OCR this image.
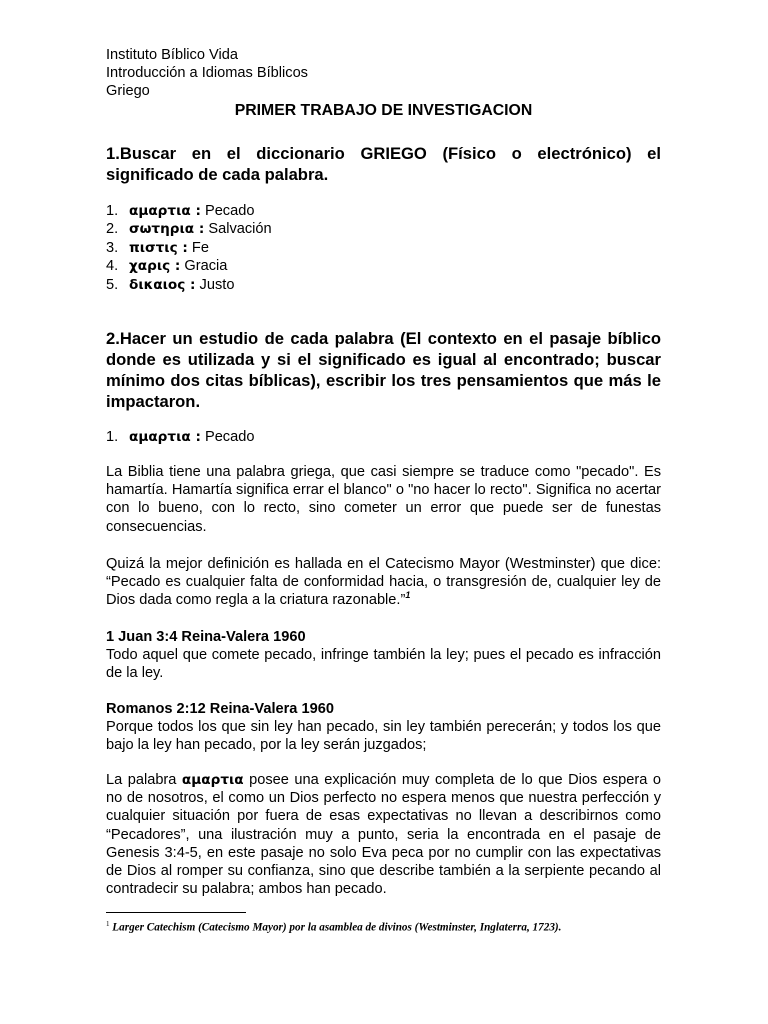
Instituto Bíblico Vida

Introducción a Idiomas Bíblicos

Griego

PRIMER TRABAJO DE INVESTIGACION
1.Buscar en el diccionario GRIEGO (Físico o electrónico) el significado de cada palabra.
1. αμαρτια : Pecado
2. σωτηρια : Salvación
3. πιστις : Fe
4. χαρις : Gracia
5. δικαιος : Justo
2.Hacer un estudio de cada palabra (El contexto en el pasaje bíblico donde es utilizada y si el significado es igual al encontrado; buscar mínimo dos citas bíblicas), escribir los tres pensamientos que más le impactaron.
1. αμαρτια : Pecado

La Biblia tiene una palabra griega, que casi siempre se traduce como "pecado". Es hamartía. Hamartía significa errar el blanco" o "no hacer lo recto". Significa no acertar con lo bueno, con lo recto, sino cometer un error que puede ser de funestas consecuencias.

Quizá la mejor definición es hallada en el Catecismo Mayor (Westminster) que dice: “Pecado es cualquier falta de conformidad hacia, o transgresión de, cualquier ley de Dios dada como regla a la criatura razonable.”$^1$

1 Juan 3:4 Reina-Valera 1960
Todo aquel que comete pecado, infringe también la ley; pues el pecado es infracción de la ley.

Romanos 2:12 Reina-Valera 1960
Porque todos los que sin ley han pecado, sin ley también perecerán; y todos los que bajo la ley han pecado, por la ley serán juzgados;

La palabra αμαρτια posee una explicación muy completa de lo que Dios espera o no de nosotros, el como un Dios perfecto no espera menos que nuestra perfección y cualquier situación por fuera de esas expectativas no llevan a describirnos como “Pecadores”, una ilustración muy a punto, seria la encontrada en el pasaje de Genesis 3:4-5, en este pasaje no solo Eva peca por no cumplir con las expectativas de Dios al romper su confianza, sino que describe también a la serpiente pecando al contradecir su palabra; ambos han pecado.

$^1$ Larger Catechism (Catecismo Mayor) por la asamblea de divinos (Westminster, Inglaterra, 1723).
